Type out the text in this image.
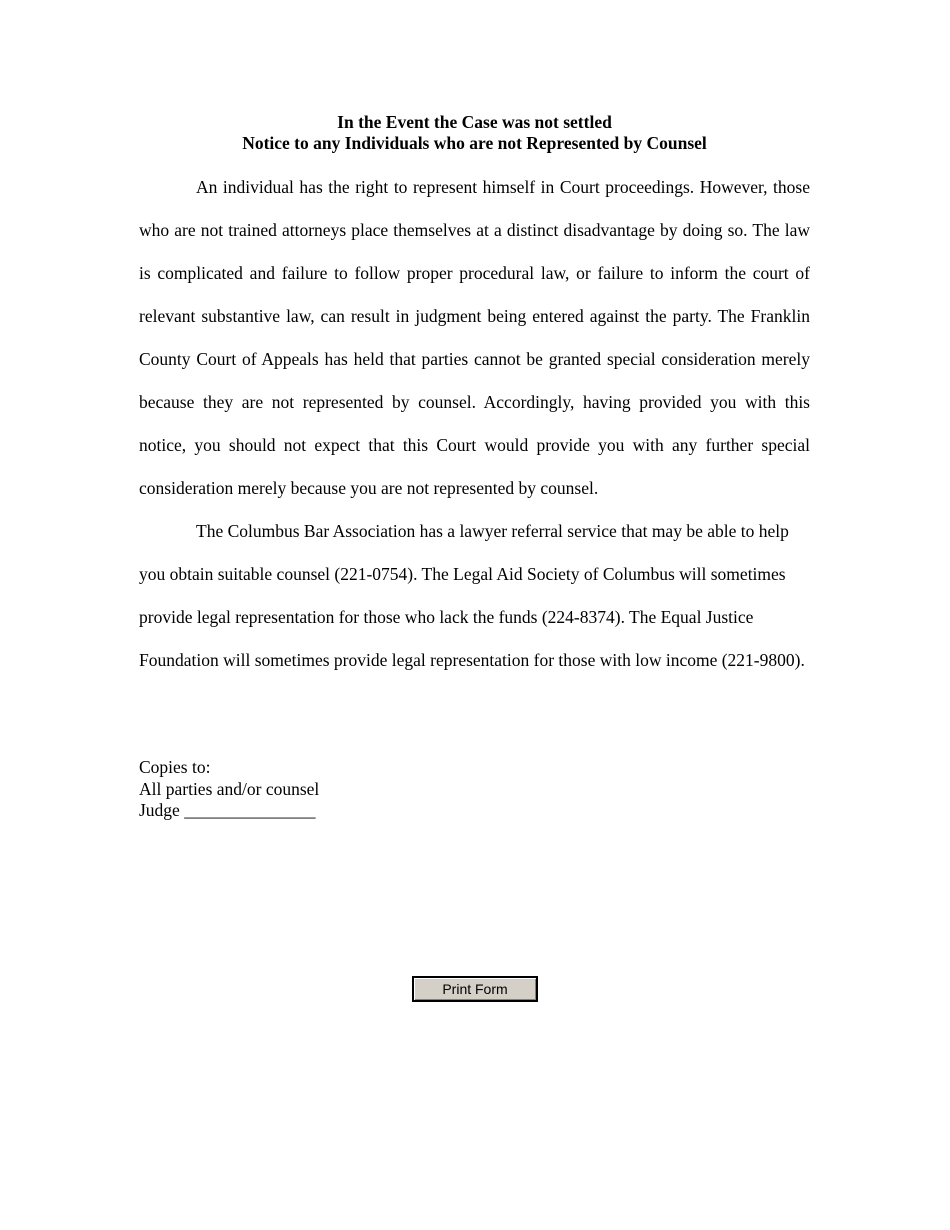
In the Event the Case was not settled

Notice to any Individuals who are not Represented by Counsel

An individual has the right to represent himself in Court proceedings. However, those who are not trained attorneys place themselves at a distinct disadvantage by doing so. The law is complicated and failure to follow proper procedural law, or failure to inform the court of relevant substantive law, can result in judgment being entered against the party. The Franklin County Court of Appeals has held that parties cannot be granted special consideration merely because they are not represented by counsel. Accordingly, having provided you with this notice, you should not expect that this Court would provide you with any further special consideration merely because you are not represented by counsel.

The Columbus Bar Association has a lawyer referral service that may be able to help you obtain suitable counsel (221-0754). The Legal Aid Society of Columbus will sometimes provide legal representation for those who lack the funds (224-8374). The Equal Justice Foundation will sometimes provide legal representation for those with low income (221-9800).

Copies to:
All parties and/or counsel
Judge _______________
Print Form
